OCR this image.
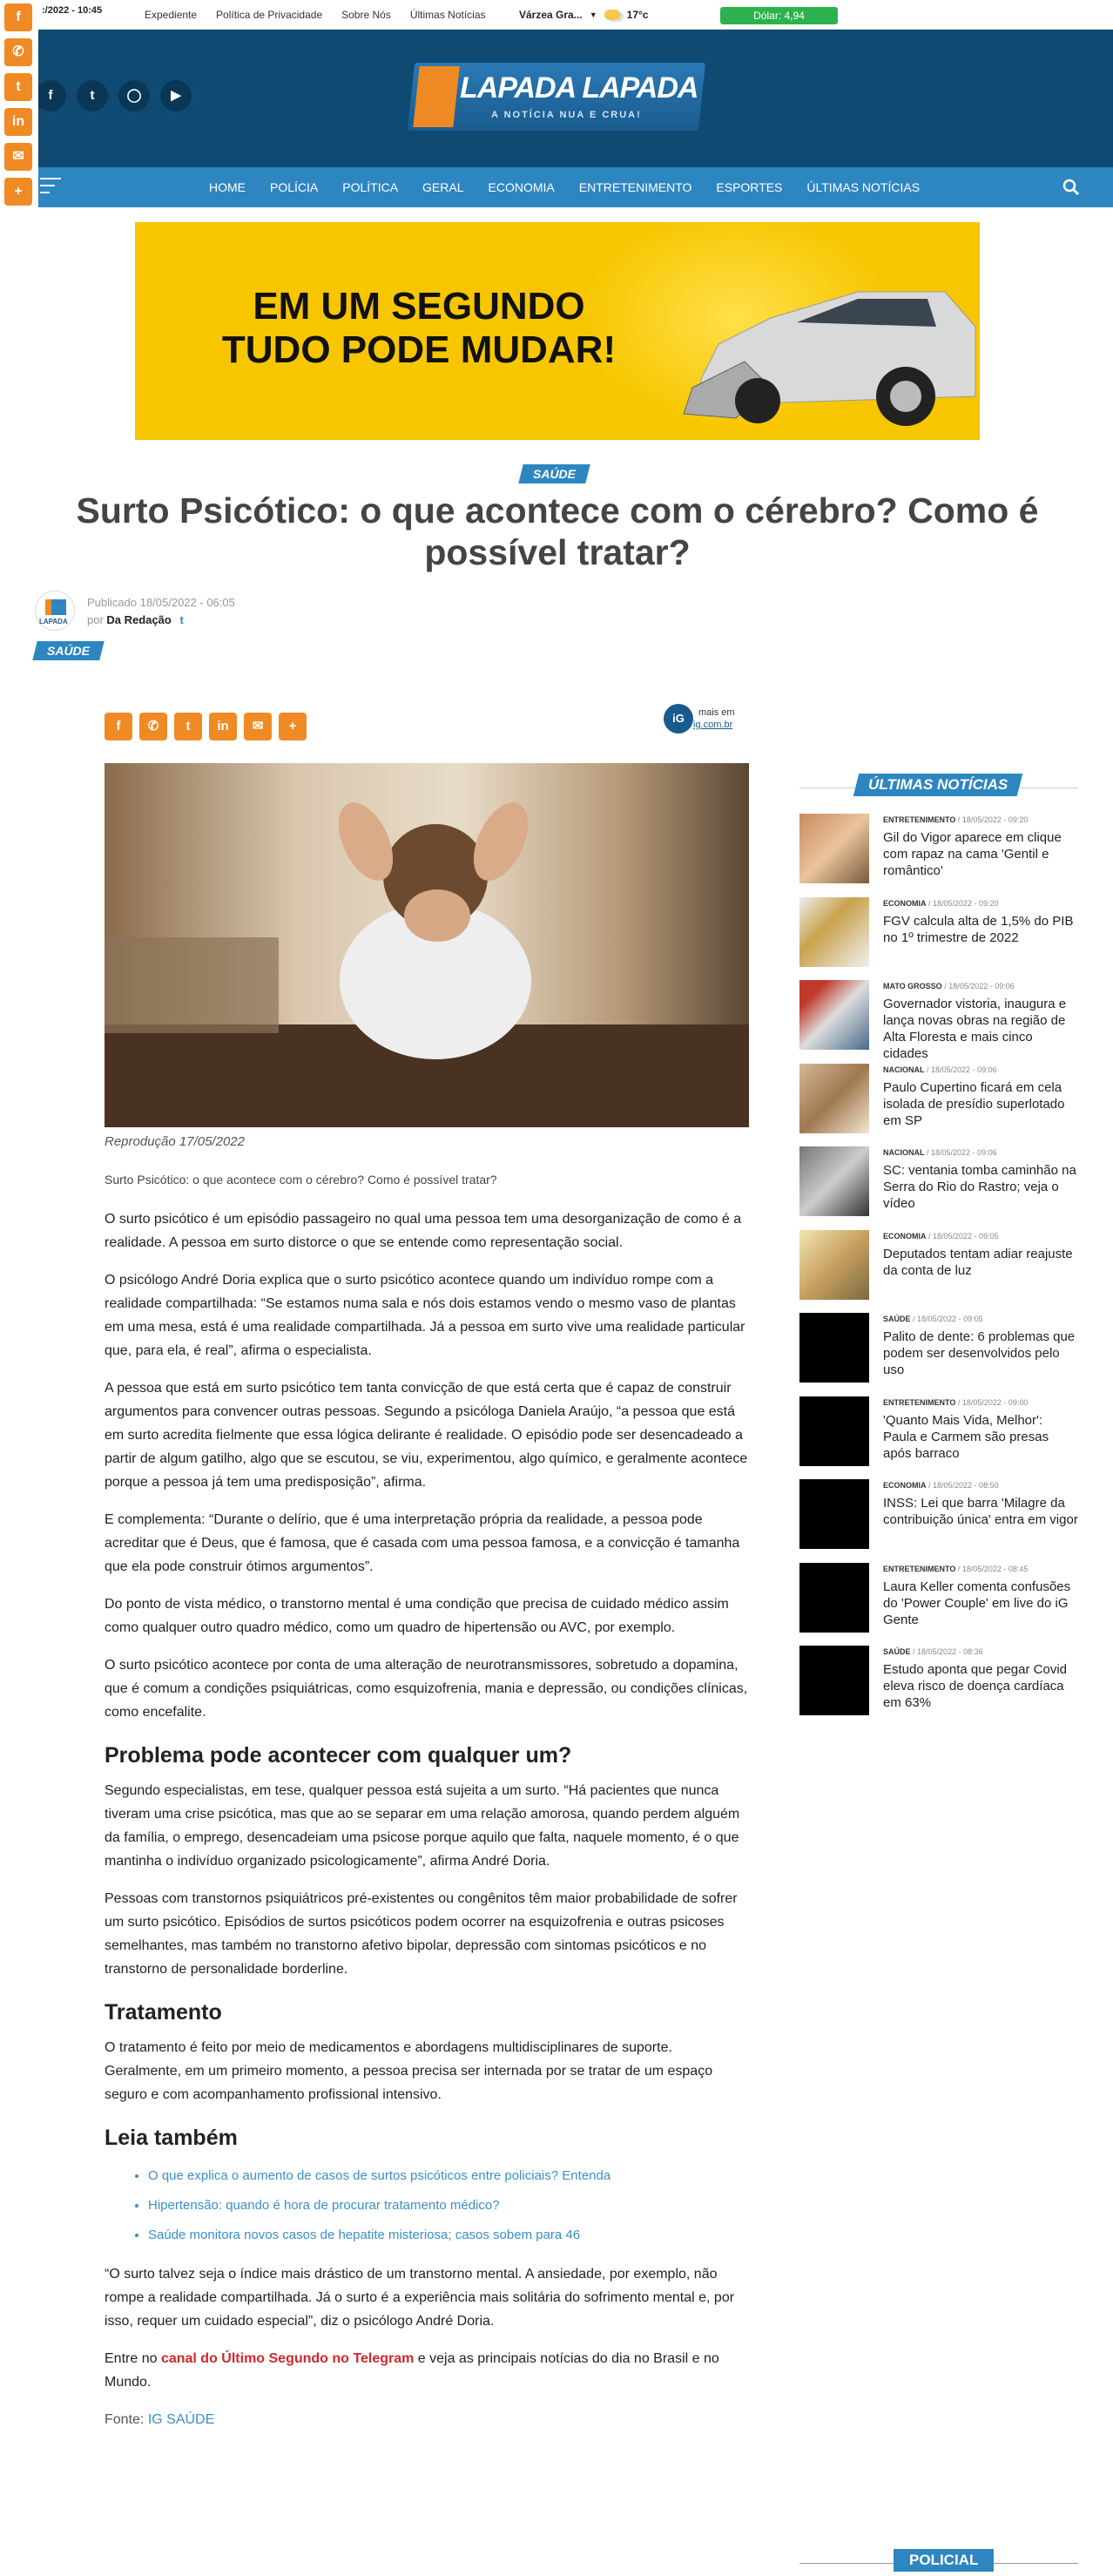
f
✆
t
in
✉
+
:/2022 - 10:45	Expediente Política de Privacidade Sobre Nós Últimas Notícias	Várzea Gra... ▼	17°c	Dólar: 4,94
f	t	◯	▶	LAPADA LAPADA
A NOTÍCIA NUA E CRUA!
HOME POLÍCIA POLÍTICA GERAL ECONOMIA ENTRETENIMENTO ESPORTES ÚLTIMAS NOTÍCIAS
EM UM SEGUNDO
TUDO PODE MUDAR!
SAÚDE
Surto Psicótico: o que acontece com o cérebro? Como é possível tratar?
LAPADA
Publicado 18/05/2022 - 06:05
por Da Redação t
SAÚDE
f	✆	t	in	✉	+
iG	mais em
ig.com.br
Reprodução 17/05/2022
Surto Psicótico: o que acontece com o cérebro? Como é possível tratar?

O surto psicótico é um episódio passageiro no qual uma pessoa tem uma desorganização de como é a realidade. A pessoa em surto distorce o que se entende como representação social.

O psicólogo André Doria explica que o surto psicótico acontece quando um indivíduo rompe com a realidade compartilhada: “Se estamos numa sala e nós dois estamos vendo o mesmo vaso de plantas em uma mesa, está é uma realidade compartilhada. Já a pessoa em surto vive uma realidade particular que, para ela, é real”, afirma o especialista.

A pessoa que está em surto psicótico tem tanta convicção de que está certa que é capaz de construir argumentos para convencer outras pessoas. Segundo a psicóloga Daniela Araújo, “a pessoa que está em surto acredita fielmente que essa lógica delirante é realidade. O episódio pode ser desencadeado a partir de algum gatilho, algo que se escutou, se viu, experimentou, algo químico, e geralmente acontece porque a pessoa já tem uma predisposição”, afirma.

E complementa: “Durante o delírio, que é uma interpretação própria da realidade, a pessoa pode acreditar que é Deus, que é famosa, que é casada com uma pessoa famosa, e a convicção é tamanha que ela pode construir ótimos argumentos”.

Do ponto de vista médico, o transtorno mental é uma condição que precisa de cuidado médico assim como qualquer outro quadro médico, como um quadro de hipertensão ou AVC, por exemplo.

O surto psicótico acontece por conta de uma alteração de neurotransmissores, sobretudo a dopamina, que é comum a condições psiquiátricas, como esquizofrenia, mania e depressão, ou condições clínicas, como encefalite.

Problema pode acontecer com qualquer um?

Segundo especialistas, em tese, qualquer pessoa está sujeita a um surto. “Há pacientes que nunca tiveram uma crise psicótica, mas que ao se separar em uma relação amorosa, quando perdem alguém da família, o emprego, desencadeiam uma psicose porque aquilo que falta, naquele momento, é o que mantinha o indivíduo organizado psicologicamente”, afirma André Doria.

Pessoas com transtornos psiquiátricos pré-existentes ou congênitos têm maior probabilidade de sofrer um surto psicótico. Episódios de surtos psicóticos podem ocorrer na esquizofrenia e outras psicoses semelhantes, mas também no transtorno afetivo bipolar, depressão com sintomas psicóticos e no transtorno de personalidade borderline.

Tratamento

O tratamento é feito por meio de medicamentos e abordagens multidisciplinares de suporte. Geralmente, em um primeiro momento, a pessoa precisa ser internada por se tratar de um espaço seguro e com acompanhamento profissional intensivo.

Leia também
• O que explica o aumento de casos de surtos psicóticos entre policiais? Entenda
• Hipertensão: quando é hora de procurar tratamento médico?
• Saúde monitora novos casos de hepatite misteriosa; casos sobem para 46

“O surto talvez seja o índice mais drástico de um transtorno mental. A ansiedade, por exemplo, não rompe a realidade compartilhada. Já o surto é a experiência mais solitária do sofrimento mental e, por isso, requer um cuidado especial”, diz o psicólogo André Doria.

Entre no canal do Último Segundo no Telegram e veja as principais notícias do dia no Brasil e no Mundo.

Fonte: IG SAÚDE

ÚLTIMAS NOTÍCIAS
ENTRETENIMENTO / 18/05/2022 - 09:20
Gil do Vigor aparece em clique com rapaz na cama 'Gentil e romântico'
ECONOMIA / 18/05/2022 - 09:20
FGV calcula alta de 1,5% do PIB no 1º trimestre de 2022
MATO GROSSO / 18/05/2022 - 09:06
Governador vistoria, inaugura e lança novas obras na região de Alta Floresta e mais cinco cidades
NACIONAL / 18/05/2022 - 09:06
Paulo Cupertino ficará em cela isolada de presídio superlotado em SP
NACIONAL / 18/05/2022 - 09:06
SC: ventania tomba caminhão na Serra do Rio do Rastro; veja o vídeo
ECONOMIA / 18/05/2022 - 09:05
Deputados tentam adiar reajuste da conta de luz
SAÚDE / 18/05/2022 - 09:05
Palito de dente: 6 problemas que podem ser desenvolvidos pelo uso
ENTRETENIMENTO / 18/05/2022 - 09:00
'Quanto Mais Vida, Melhor': Paula e Carmem são presas após barraco
ECONOMIA / 18/05/2022 - 08:50
INSS: Lei que barra 'Milagre da contribuição única' entra em vigor
ENTRETENIMENTO / 18/05/2022 - 08:45
Laura Keller comenta confusões do 'Power Couple' em live do iG Gente
SAÚDE / 18/05/2022 - 08:36
Estudo aponta que pegar Covid eleva risco de doença cardíaca em 63%
POLICIAL
